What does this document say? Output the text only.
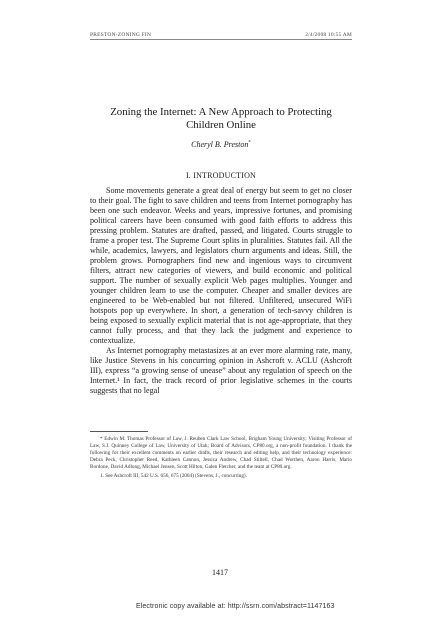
PRESTON-ZONING FIN	2/4/2008 10:55 AM
Zoning the Internet: A New Approach to Protecting
Children Online
Cheryl B. Preston*
I. INTRODUCTION

Some movements generate a great deal of energy but seem to get no closer to their goal. The fight to save children and teens from Internet pornography has been one such endeavor. Weeks and years, impressive fortunes, and promising political careers have been consumed with good faith efforts to address this pressing problem. Statutes are drafted, passed, and litigated. Courts struggle to frame a proper test. The Supreme Court splits in pluralities. Statutes fail. All the while, academics, lawyers, and legislators churn arguments and ideas. Still, the problem grows. Pornographers find new and ingenious ways to circumvent filters, attract new categories of viewers, and build economic and political support. The number of sexually explicit Web pages multiplies. Younger and younger children learn to use the computer. Cheaper and smaller devices are engineered to be Web-enabled but not filtered. Unfiltered, unsecured WiFi hotspots pop up everywhere. In short, a generation of tech-savvy children is being exposed to sexually explicit material that is not age-appropriate, that they cannot fully process, and that they lack the judgment and experience to contextualize.

As Internet pornography metastasizes at an ever more alarming rate, many, like Justice Stevens in his concurring opinion in Ashcroft v. ACLU (Ashcroft III), express “a growing sense of unease” about any regulation of speech on the Internet.¹ In fact, the track record of prior legislative schemes in the courts suggests that no legal

* Edwin M. Thomas Professor of Law, J. Reuben Clark Law School, Brigham Young University; Visiting Professor of Law, S.J. Quinney College of Law, University of Utah; Board of Advisors, CP80.org, a non-profit foundation. I thank the following for their excellent comments on earlier drafts, their research and editing help, and their technology experience: Debra Peck, Christopher Reed, Kathleen Cannon, Jessica Andrew, Chad Stiltell, Chad Worthen, Aaron Harris, Mario Bordone, David Adlong, Michael Jensen, Scott Hilton, Galen Fletcher, and the team at CP80.org.

1. See Ashcroft III, 542 U.S. 656, 675 (2004) (Stevens, J., concurring).

1417
Electronic copy available at: http://ssrn.com/abstract=1147163
